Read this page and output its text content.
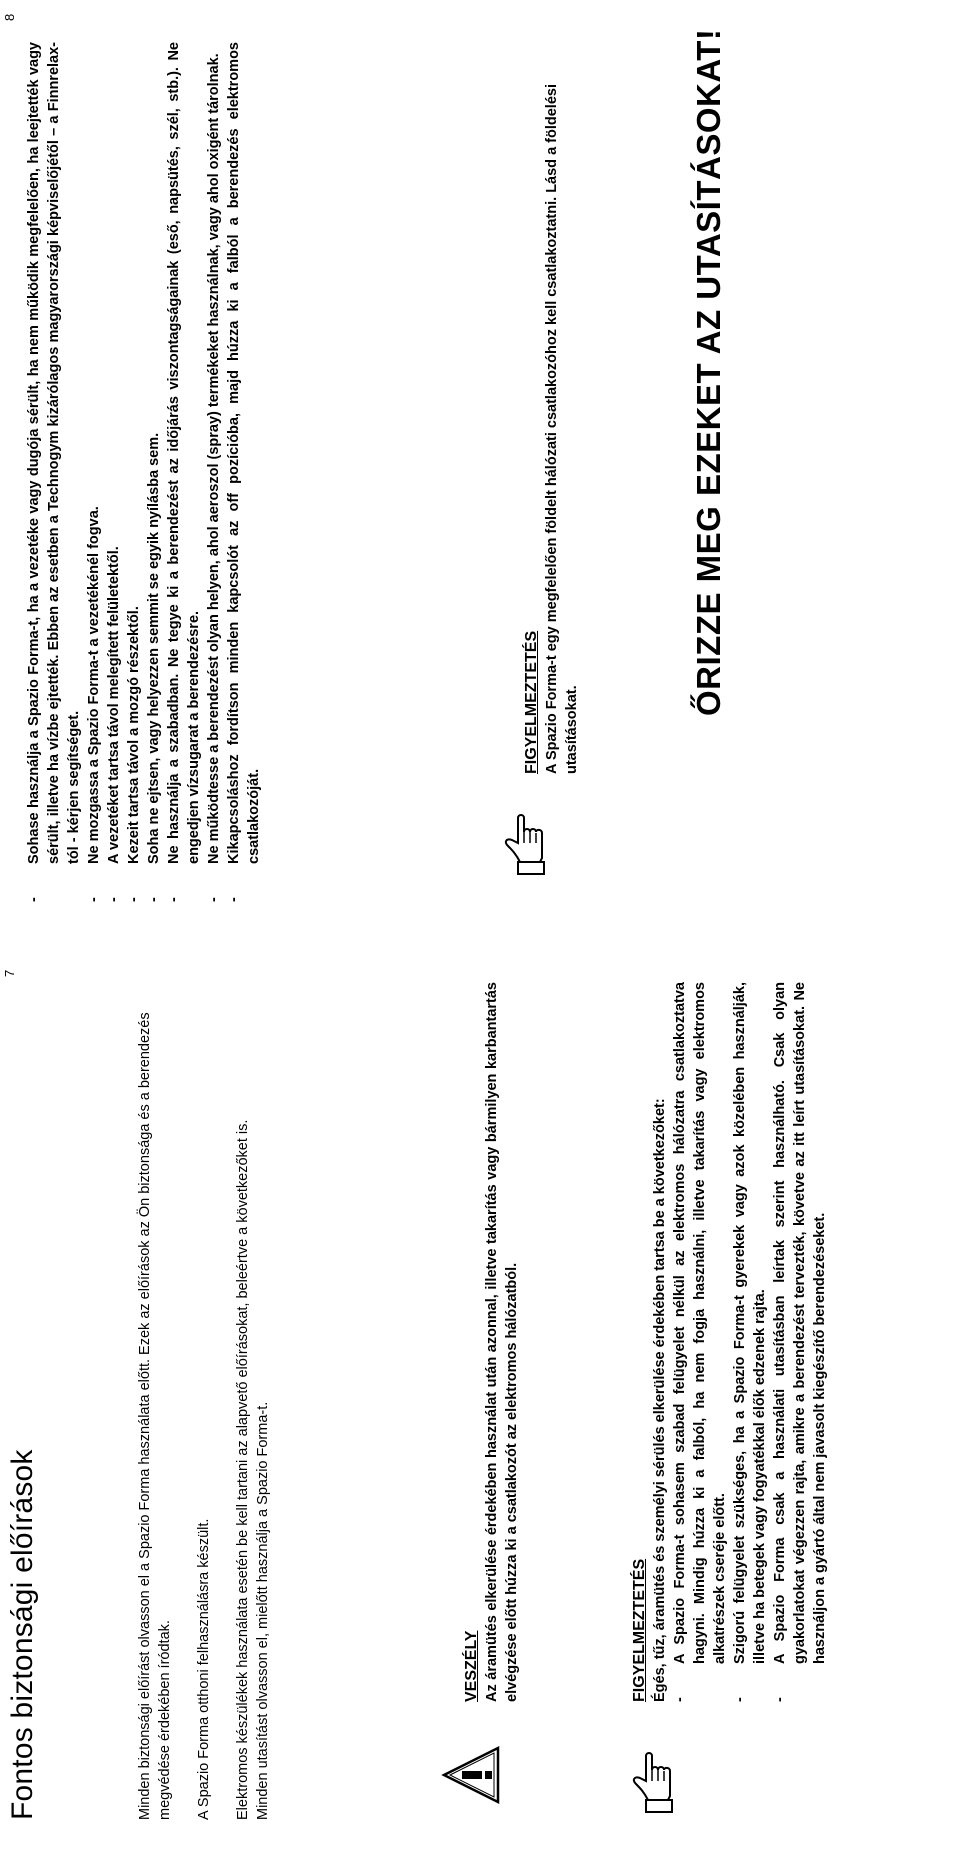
7
Fontos biztonsági előírások	Minden biztonsági előírást olvasson el a Spazio Forma használata előtt. Ezek az előírások az Ön biztonsága és a berendezés megvédése érdekében íródtak. A Spazio Forma otthoni felhasználásra készült. Elektromos készülékek használata esetén be kell tartani az alapvető előírásokat, beleértve a következőket is.
Minden utasítást olvasson el, mielőtt használja a Spazio Forma-t.

VESZÉLY Az áramütés elkerülése érdekében használat után azonnal, illetve takarítás vagy bármilyen karbantartás elvégzése előtt húzza ki a csatlakozót az elektromos hálózatból.	FIGYELMEZTETÉS Égés, tűz, áramütés és személyi sérülés elkerülése érdekében tartsa be a következőket: - A Spazio Forma-t sohasem szabad felügyelet nélkül az elektromos hálózatra csatlakoztatva hagyni. Mindig húzza ki a falból, ha nem fogja használni, illetve takarítás vagy elektromos alkatrészek cseréje előtt. - Szigorú felügyelet szükséges, ha a Spazio Forma-t gyerekek vagy azok közelében használják, illetve ha betegek vagy fogyatékkal élők edzenek rajta. - A Spazio Forma csak a használati utasításban leírtak szerint használható. Csak olyan gyakorlatokat végezzen rajta, amikre a berendezést tervezték, követve az itt leírt utasításokat. Ne használjon a gyártó által nem javasolt kiegészítő berendezéseket.
8
- Sohase használja a Spazio Forma-t, ha a vezetéke vagy dugója sérült, ha nem működik megfelelően, ha leejtették vagy sérült, illetve ha vízbe ejtették. Ebben az esetben a Technogym kizárólagos magyarországi képviselőjétől – a Finnrelax-tól - kérjen segítséget. - Ne mozgassa a Spazio Forma-t a vezetékénél fogva. - A vezetéket tartsa távol melegített felületektől. - Kezeit tartsa távol a mozgó részektől. - Soha ne ejtsen, vagy helyezzen semmit se egyik nyílásba sem. - Ne használja a szabadban. Ne tegye ki a berendezést az időjárás viszontagságainak (eső, napsütés, szél, stb.). Ne engedjen vízsugarat a berendezésre. - Ne működtesse a berendezést olyan helyen, ahol aeroszol (spray) termékeket használnak, vagy ahol oxigént tárolnak. - Kikapcsoláshoz fordítson minden kapcsolót az off pozícióba, majd húzza ki a falból a berendezés elektromos csatlakozóját.
FIGYELMEZTETÉS A Spazio Forma-t egy megfelelően földelt hálózati csatlakozóhoz kell csatlakoztatni. Lásd a földelési utasításokat.
ŐRIZZE MEG EZEKET AZ UTASÍTÁSOKAT!
